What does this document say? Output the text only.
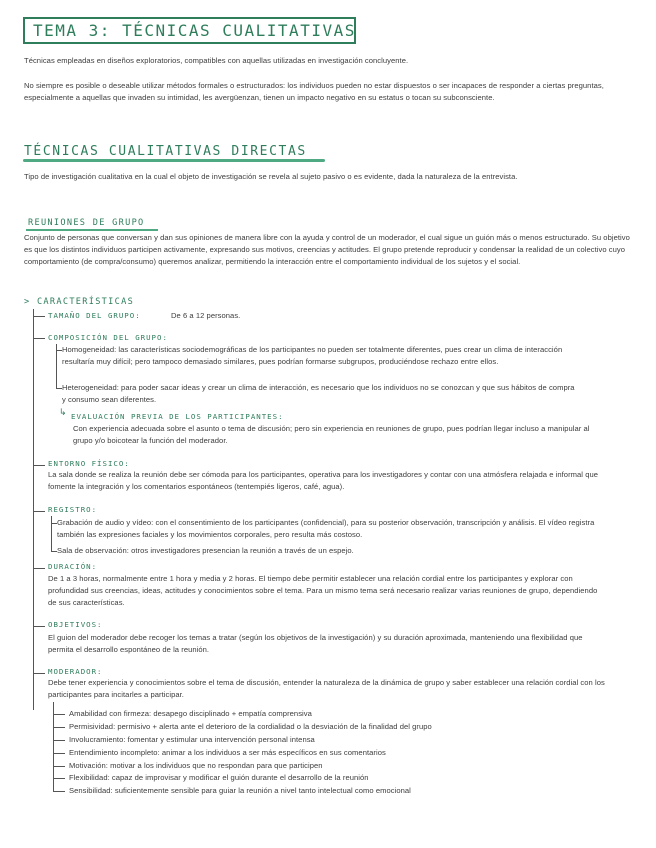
TEMA 3: TÉCNICAS CUALITATIVAS
Técnicas empleadas en diseños exploratorios, compatibles con aquellas utilizadas en investigación concluyente.
No siempre es posible o deseable utilizar métodos formales o estructurados: los individuos pueden no estar dispuestos o ser incapaces de responder a ciertas preguntas, especialmente a aquellas que invaden su intimidad, les avergüenzan, tienen un impacto negativo en su estatus o tocan su subconsciente.
TÉCNICAS CUALITATIVAS DIRECTAS
Tipo de investigación cualitativa en la cual el objeto de investigación se revela al sujeto pasivo o es evidente, dada la naturaleza de la entrevista.
REUNIONES DE GRUPO
Conjunto de personas que conversan y dan sus opiniones de manera libre con la ayuda y control de un moderador, el cual sigue un guión más o menos estructurado. Su objetivo es que los distintos individuos participen activamente, expresando sus motivos, creencias y actitudes. El grupo pretende reproducir y condensar la realidad de un colectivo cuyo comportamiento (de compra/consumo) queremos analizar, permitiendo la interacción entre el comportamiento individual de los sujetos y el social.
> CARACTERÍSTICAS
TAMAÑO DEL GRUPO:	De 6 a 12 personas.
COMPOSICIÓN DEL GRUPO:
Homogeneidad: las características sociodemográficas de los participantes no pueden ser totalmente diferentes, pues crear un clima de interacción resultaría muy difícil; pero tampoco demasiado similares, pues podrían formarse subgrupos, produciéndose rechazo entre ellos.
Heterogeneidad: para poder sacar ideas y crear un clima de interacción, es necesario que los individuos no se conozcan y que sus hábitos de compra y consumo sean diferentes.
↳ EVALUACIÓN PREVIA DE LOS PARTICIPANTES:
Con experiencia adecuada sobre el asunto o tema de discusión; pero sin experiencia en reuniones de grupo, pues podrían llegar incluso a manipular al grupo y/o boicotear la función del moderador.
ENTORNO FÍSICO:
La sala donde se realiza la reunión debe ser cómoda para los participantes, operativa para los investigadores y contar con una atmósfera relajada e informal que fomente la integración y los comentarios espontáneos (tentempiés ligeros, café, agua).
REGISTRO:
Grabación de audio y vídeo: con el consentimiento de los participantes (confidencial), para su posterior observación, transcripción y análisis. El vídeo registra también las expresiones faciales y los movimientos corporales, pero resulta más costoso.
Sala de observación: otros investigadores presencian la reunión a través de un espejo.
DURACIÓN:
De 1 a 3 horas, normalmente entre 1 hora y media y 2 horas. El tiempo debe permitir establecer una relación cordial entre los participantes y explorar con profundidad sus creencias, ideas, actitudes y conocimientos sobre el tema. Para un mismo tema será necesario realizar varias reuniones de grupo, dependiendo de sus características.
OBJETIVOS:
El guion del moderador debe recoger los temas a tratar (según los objetivos de la investigación) y su duración aproximada, manteniendo una flexibilidad que permita el desarrollo espontáneo de la reunión.
MODERADOR:
Debe tener experiencia y conocimientos sobre el tema de discusión, entender la naturaleza de la dinámica de grupo y saber establecer una relación cordial con los participantes para incitarles a participar.
Amabilidad con firmeza: desapego disciplinado + empatía comprensiva
Permisividad: permisivo + alerta ante el deterioro de la cordialidad o la desviación de la finalidad del grupo
Involucramiento: fomentar y estimular una intervención personal intensa
Entendimiento incompleto: animar a los individuos a ser más específicos en sus comentarios
Motivación: motivar a los individuos que no respondan para que participen
Flexibilidad: capaz de improvisar y modificar el guión durante el desarrollo de la reunión
Sensibilidad: suficientemente sensible para guiar la reunión a nivel tanto intelectual como emocional
